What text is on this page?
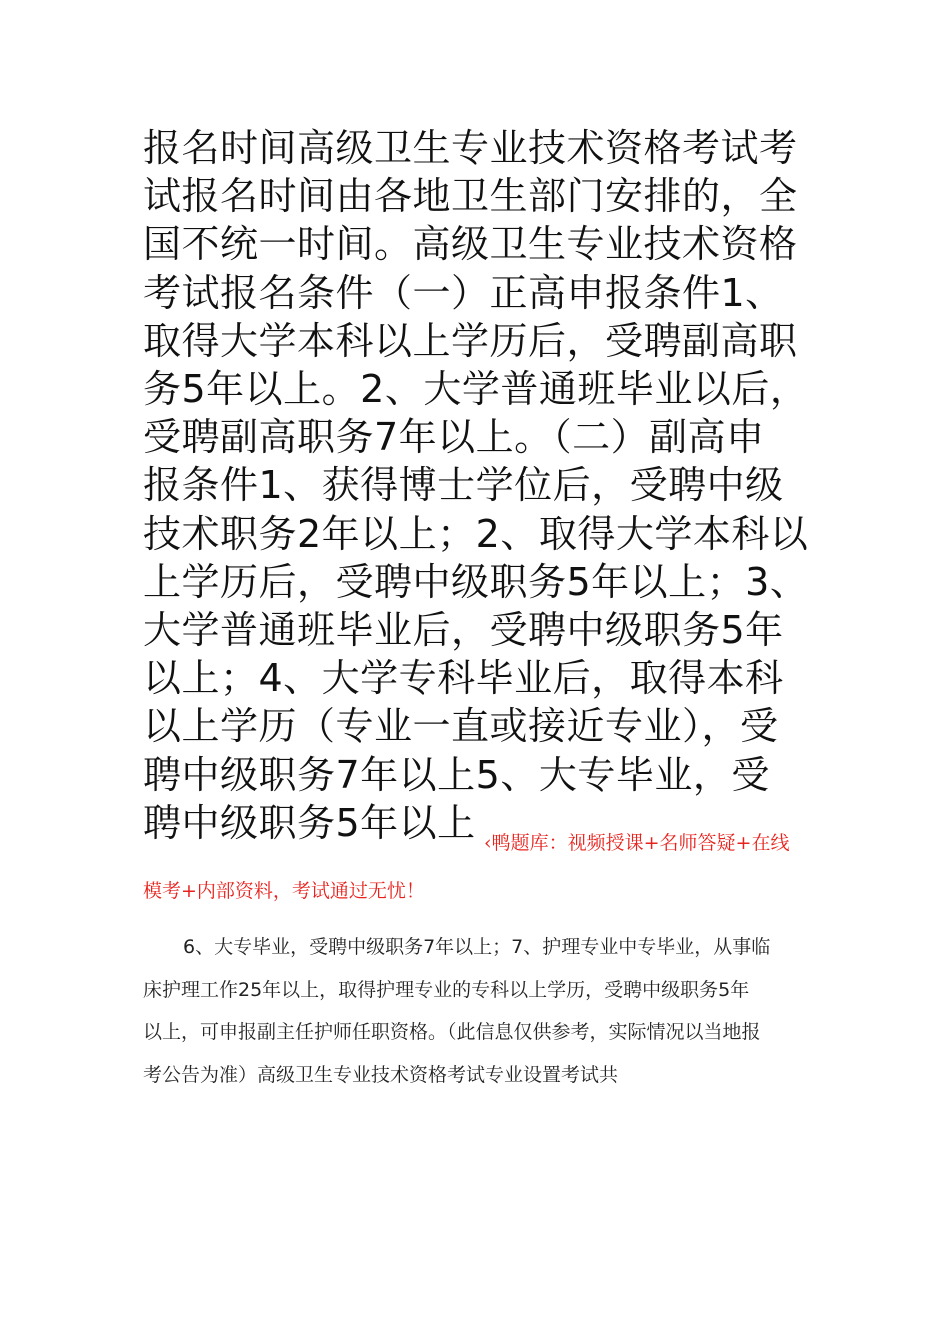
报名时间高级卫生专业技术资格考试考
试报名时间由各地卫生部门安排的，全
国不统一时间。高级卫生专业技术资格
考试报名条件（一）正高申报条件1、
取得大学本科以上学历后，受聘副高职
务5年以上。2、大学普通班毕业以后，
受聘副高职务7年以上。（二）副高申
报条件1、获得博士学位后，受聘中级
技术职务2年以上；2、取得大学本科以
上学历后，受聘中级职务5年以上；3、
大学普通班毕业后，受聘中级职务5年
以上；4、大学专科毕业后，取得本科
以上学历（专业一直或接近专业），受
聘中级职务7年以上5、大专毕业，受
聘中级职务5年以上 ‹鸭题库：视频授课+名师答疑+在线
模考+内部资料，考试通过无忧！
6、大专毕业，受聘中级职务7年以上；7、护理专业中专毕业，从事临
床护理工作25年以上，取得护理专业的专科以上学历，受聘中级职务5年
以上，可申报副主任护师任职资格。（此信息仅供参考，实际情况以当地报
考公告为准）高级卫生专业技术资格考试专业设置考试共
